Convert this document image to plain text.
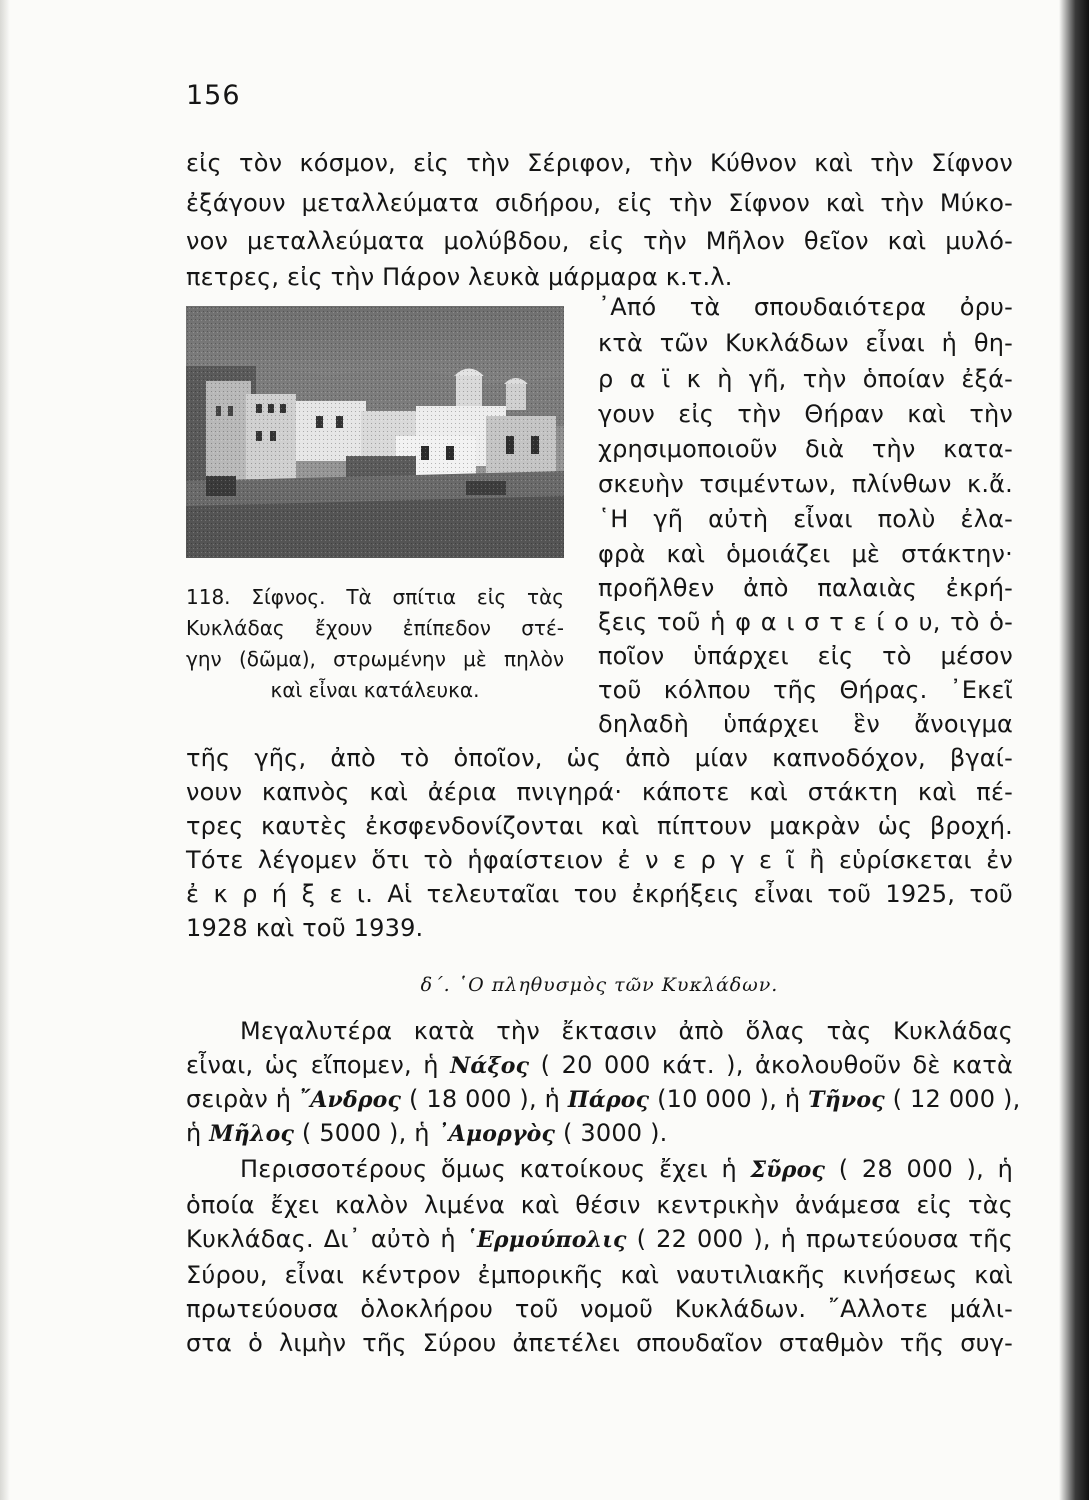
156
εἰς τὸν κόσμον, εἰς τὴν Σέριφον, τὴν Κύθνον καὶ τὴν Σίφνον
ἐξάγουν μεταλλεύματα σιδήρου, εἰς τὴν Σίφνον καὶ τὴν Μύκο-
νον μεταλλεύματα μολύβδου, εἰς τὴν Μῆλον θεῖον καὶ μυλό-
πετρες, εἰς τὴν Πάρον λευκὰ μάρμαρα κ.τ.λ.
118. Σίφνος. Τὰ σπίτια εἰς τὰς
Κυκλάδας ἔχουν ἐπίπεδον στέ-
γην (δῶμα), στρωμένην μὲ πηλὸν
καὶ εἶναι κατάλευκα.
᾿Από τὰ σπουδαιότερα ὀρυ-
κτὰ τῶν Κυκλάδων εἶναι ἡ θη-
ρ α ϊ κ ὴ γῆ, τὴν ὁποίαν ἐξά-
γουν εἰς τὴν Θήραν καὶ τὴν
χρησιμοποιοῦν διὰ τὴν κατα-
σκευὴν τσιμέντων, πλίνθων κ.ἄ.
῾Η γῆ αὐτὴ εἶναι πολὺ ἐλα-
φρὰ καὶ ὁμοιάζει μὲ στάκτην·
προῆλθεν ἀπὸ παλαιὰς ἐκρή-
ξεις τοῦ ἡ φ α ι σ τ ε ί ο υ, τὸ ὁ-
ποῖον ὑπάρχει εἰς τὸ μέσον
τοῦ κόλπου τῆς Θήρας. ᾿Εκεῖ
δηλαδὴ ὑπάρχει ἓν ἄνοιγμα
τῆς γῆς, ἀπὸ τὸ ὁποῖον, ὡς ἀπὸ μίαν καπνοδόχον, βγαί-
νουν καπνὸς καὶ ἀέρια πνιγηρά· κάποτε καὶ στάκτη καὶ πέ-
τρες καυτὲς ἐκσφενδονίζονται καὶ πίπτουν μακρὰν ὡς βροχή.
Τότε λέγομεν ὅτι τὸ ἡφαίστειον ἐ ν ε ρ γ ε ῖ ἢ εὑρίσκεται ἐν
ἐ κ ρ ή ξ ε ι. Αἱ τελευταῖαι του ἐκρήξεις εἶναι τοῦ 1925, τοῦ
1928 καὶ τοῦ 1939.
δ΄. ῾Ο πληθυσμὸς τῶν Κυκλάδων.
Μεγαλυτέρα κατὰ τὴν ἔκτασιν ἀπὸ ὅλας τὰς Κυκλάδας
εἶναι, ὡς εἴπομεν, ἡ Νάξος ( 20 000 κάτ. ), ἀκολουθοῦν δὲ κατὰ
σειρὰν ἡ ῎Ανδρος ( 18 000 ), ἡ Πάρος (10 000 ), ἡ Τῆνος ( 12 000 ),
ἡ Μῆλος ( 5000 ), ἡ ᾿Αμοργὸς ( 3000 ).
Περισσοτέρους ὅμως κατοίκους ἔχει ἡ Σῦρος ( 28 000 ), ἡ
ὁποία ἔχει καλὸν λιμένα καὶ θέσιν κεντρικὴν ἀνάμεσα εἰς τὰς
Κυκλάδας. Δι᾿ αὐτὸ ἡ ῾Ερμούπολις ( 22 000 ), ἡ πρωτεύουσα τῆς
Σύρου, εἶναι κέντρον ἐμπορικῆς καὶ ναυτιλιακῆς κινήσεως καὶ
πρωτεύουσα ὁλοκλήρου τοῦ νομοῦ Κυκλάδων. ῎Αλλοτε μάλι-
στα ὁ λιμὴν τῆς Σύρου ἀπετέλει σπουδαῖον σταθμὸν τῆς συγ-
